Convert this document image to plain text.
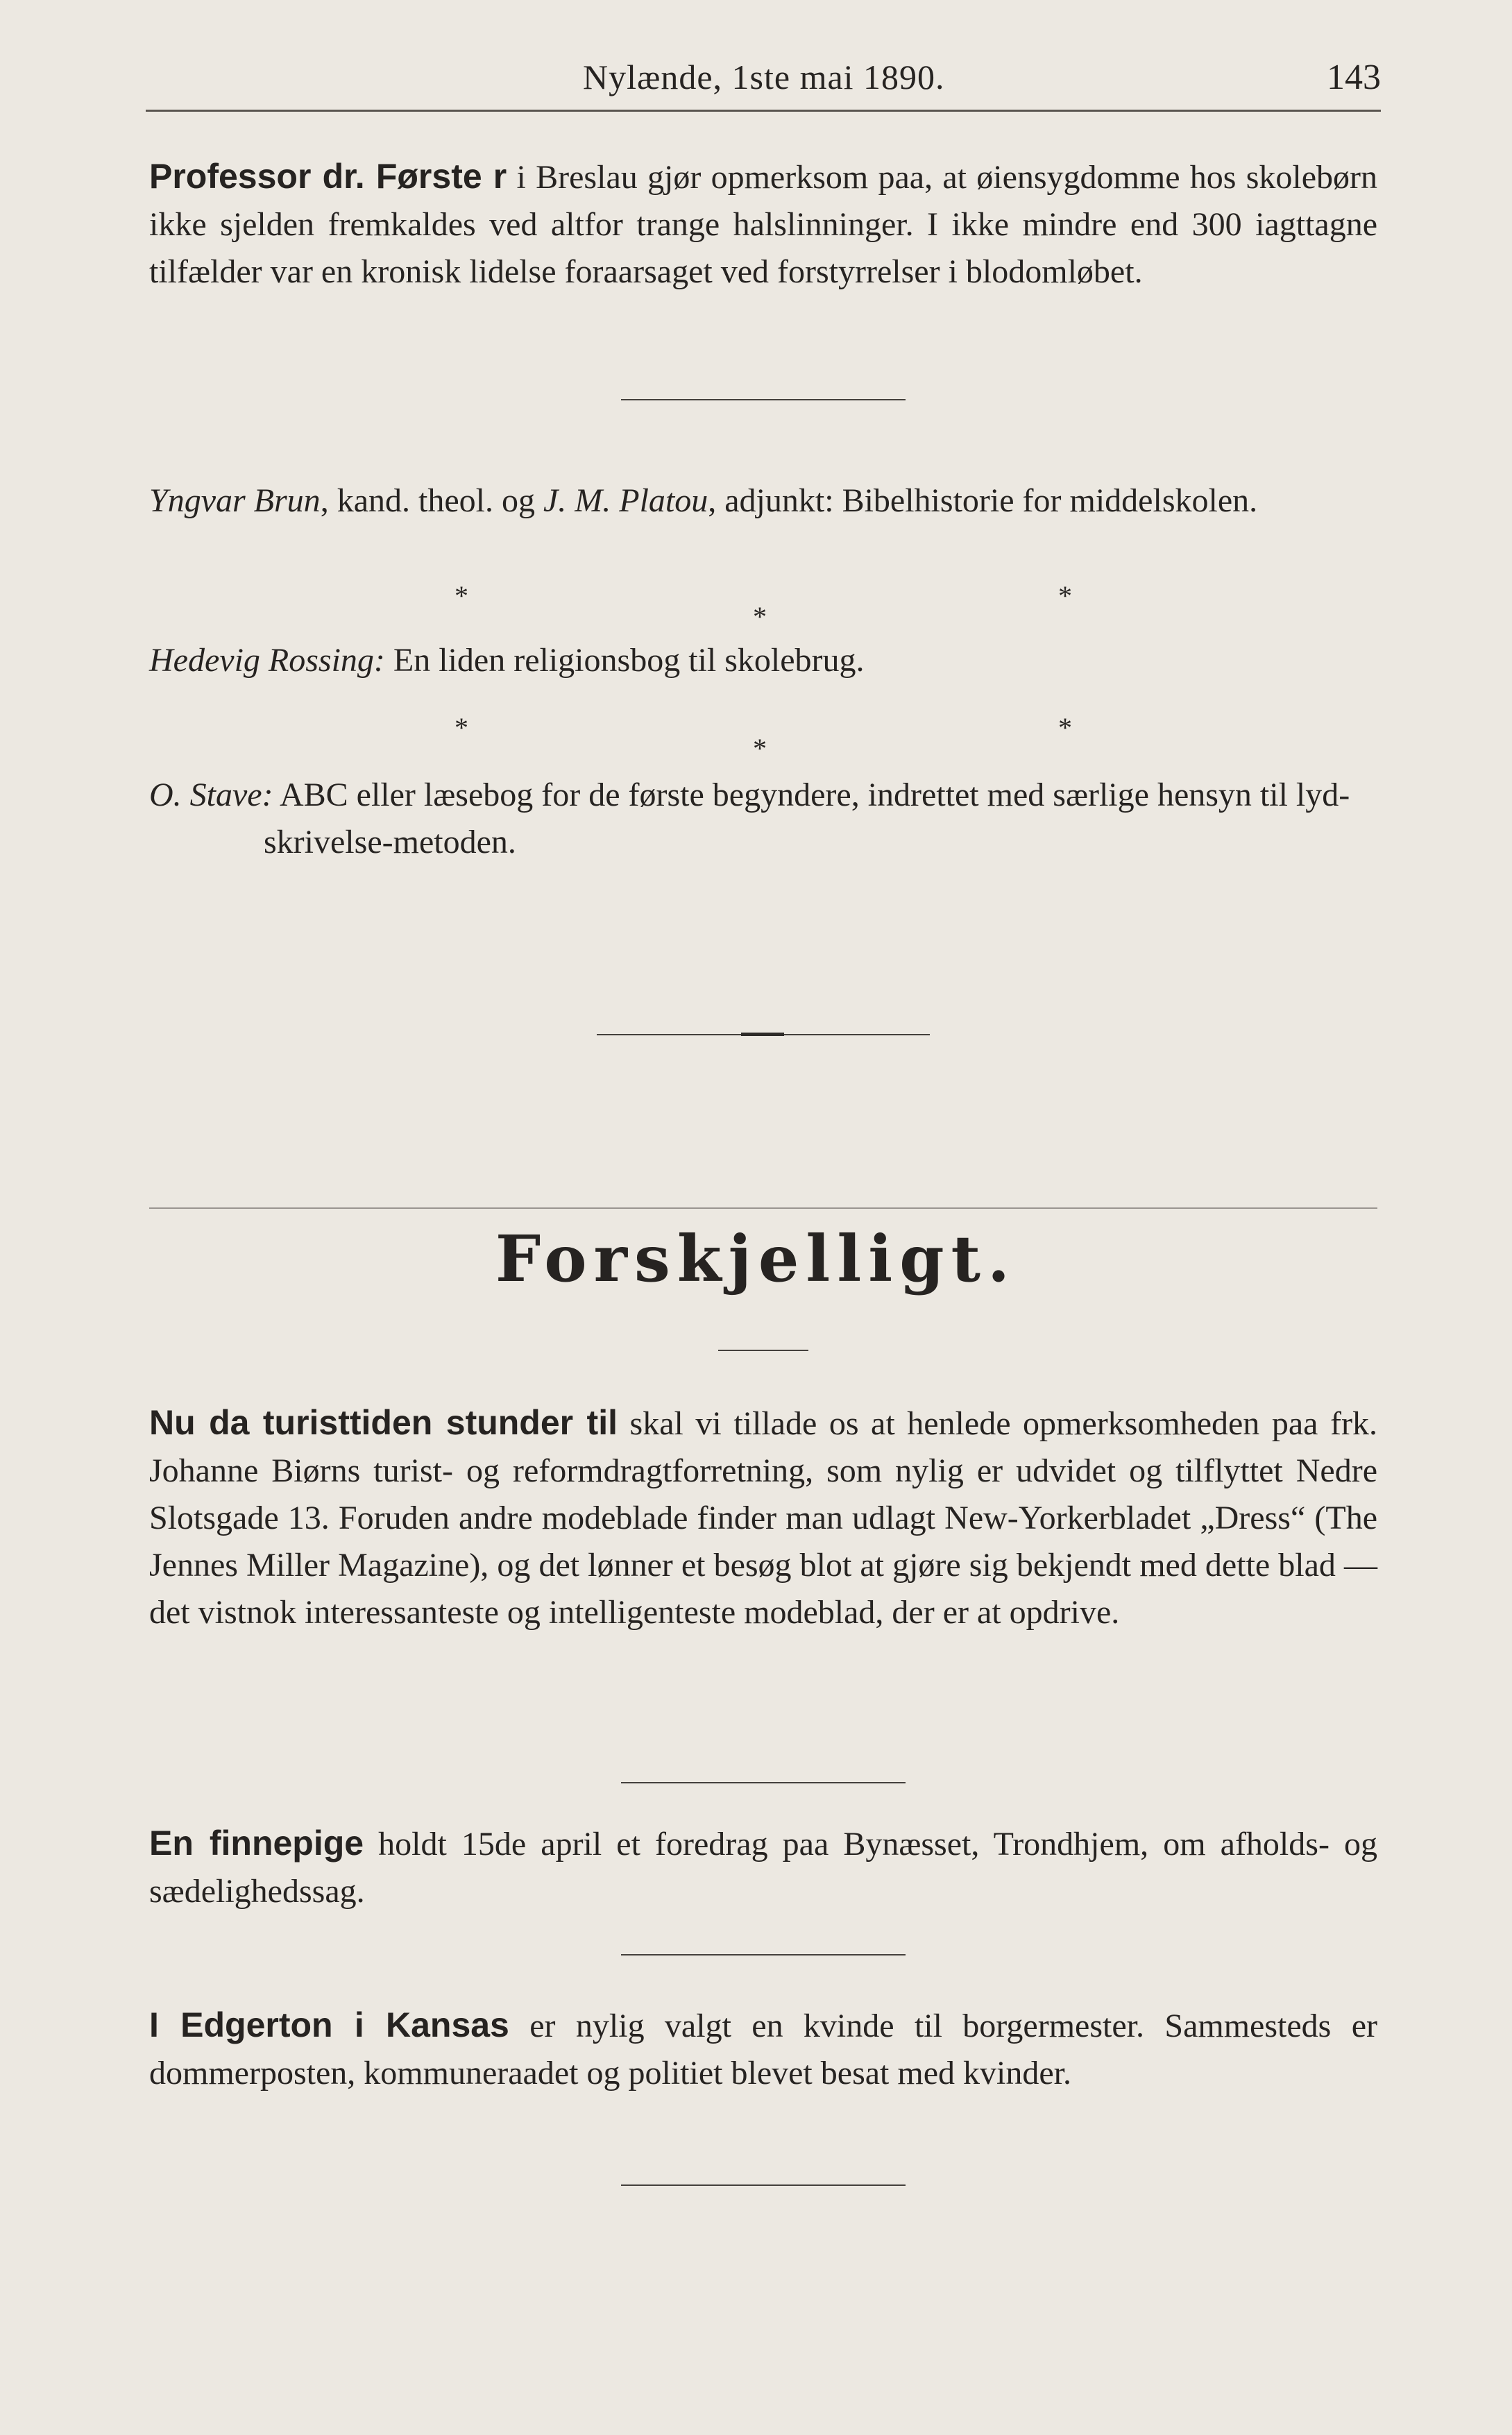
Nylænde, 1ste mai 1890.	143
Professor dr. Første r i Breslau gjør opmerksom paa, at øiensygdomme hos skolebørn ikke sjelden fremkaldes ved altfor trange halslinninger. I ikke mindre end 300 iagttagne tilfælder var en kronisk lidelse foraarsaget ved forstyrrelser i blodomløbet.
Yngvar Brun, kand. theol. og J. M. Platou, adjunkt: Bibelhistorie for middelskolen.
*
*
*
Hedevig Rossing: En liden religionsbog til skolebrug.
*
*
*
O. Stave: ABC eller læsebog for de første begyndere, indrettet med særlige hensyn til lyd-skrivelse-metoden.
Forskjelligt.
Nu da turisttiden stunder til skal vi tillade os at henlede opmerksomheden paa frk. Johanne Biørns turist- og reformdragtforretning, som nylig er udvidet og tilflyttet Nedre Slotsgade 13. Foruden andre modeblade finder man udlagt New-Yorkerbladet „Dress“ (The Jennes Miller Magazine), og det lønner et besøg blot at gjøre sig bekjendt med dette blad — det vistnok interessanteste og intelligenteste modeblad, der er at opdrive.
En finnepige holdt 15de april et foredrag paa Bynæsset, Trondhjem, om afholds- og sædelighedssag.
I Edgerton i Kansas er nylig valgt en kvinde til borgermester. Sammesteds er dommerposten, kommuneraadet og politiet blevet besat med kvinder.
